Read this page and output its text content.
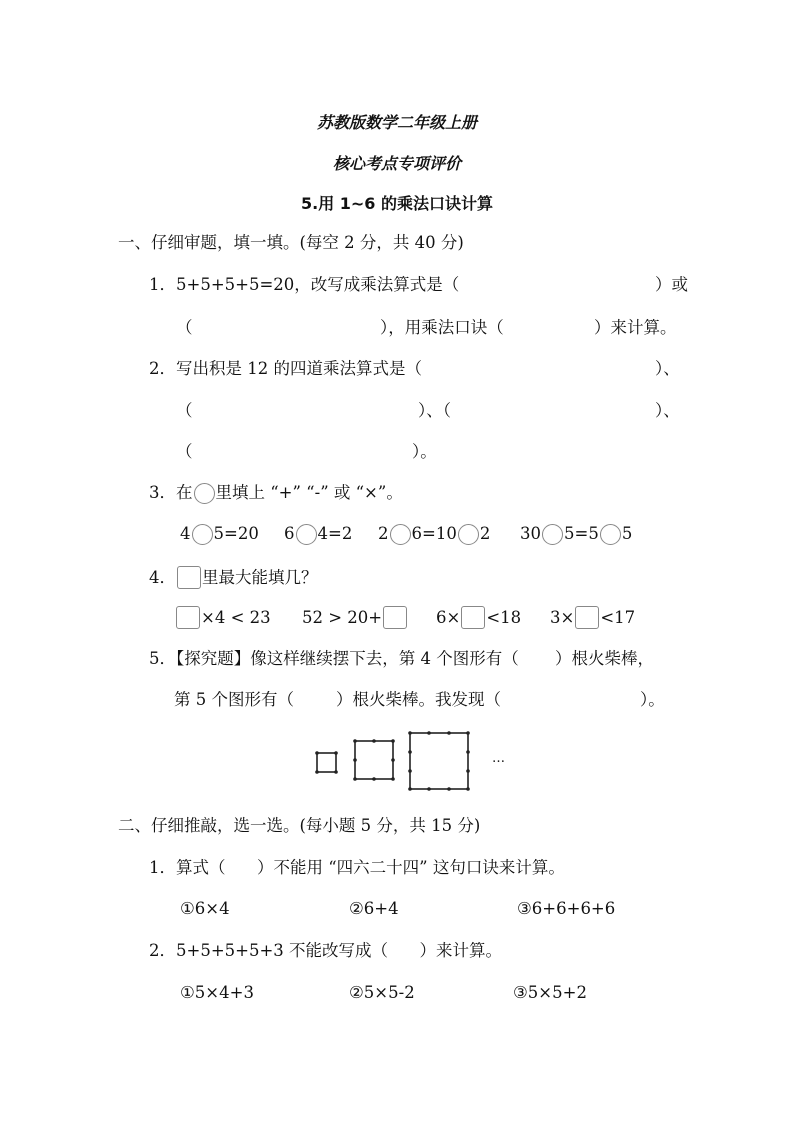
苏教版数学二年级上册
核心考点专项评价
5.用 1~6 的乘法口诀计算
一、仔细审题，填一填。(每空 2 分，共 40 分)
1．5+5+5+5=20，改写成乘法算式是（	）或
（	），用乘法口诀（	）来计算。
2．写出积是 12 的四道乘法算式是（	）、
（	）、（	）、
（	）。
3．在 里填上 “+” “-” 或 “×”。
4 5=20 6 4=2 2 6=10 2 30 5=5 5
4． 里最大能填几？
×4 < 23 52 > 20+	6× <18 3× <17
5．【探究题】像这样继续摆下去，第 4 个图形有（ ）根火柴棒，
第 5 个图形有（	）根火柴棒。我发现（	）。
…
二、仔细推敲，选一选。(每小题 5 分，共 15 分)
1．算式（      ）不能用 “四六二十四” 这句口诀来计算。
①6×4	②6+4	③6+6+6+6
2．5+5+5+5+3 不能改写成（      ）来计算。
①5×4+3	②5×5-2	③5×5+2
